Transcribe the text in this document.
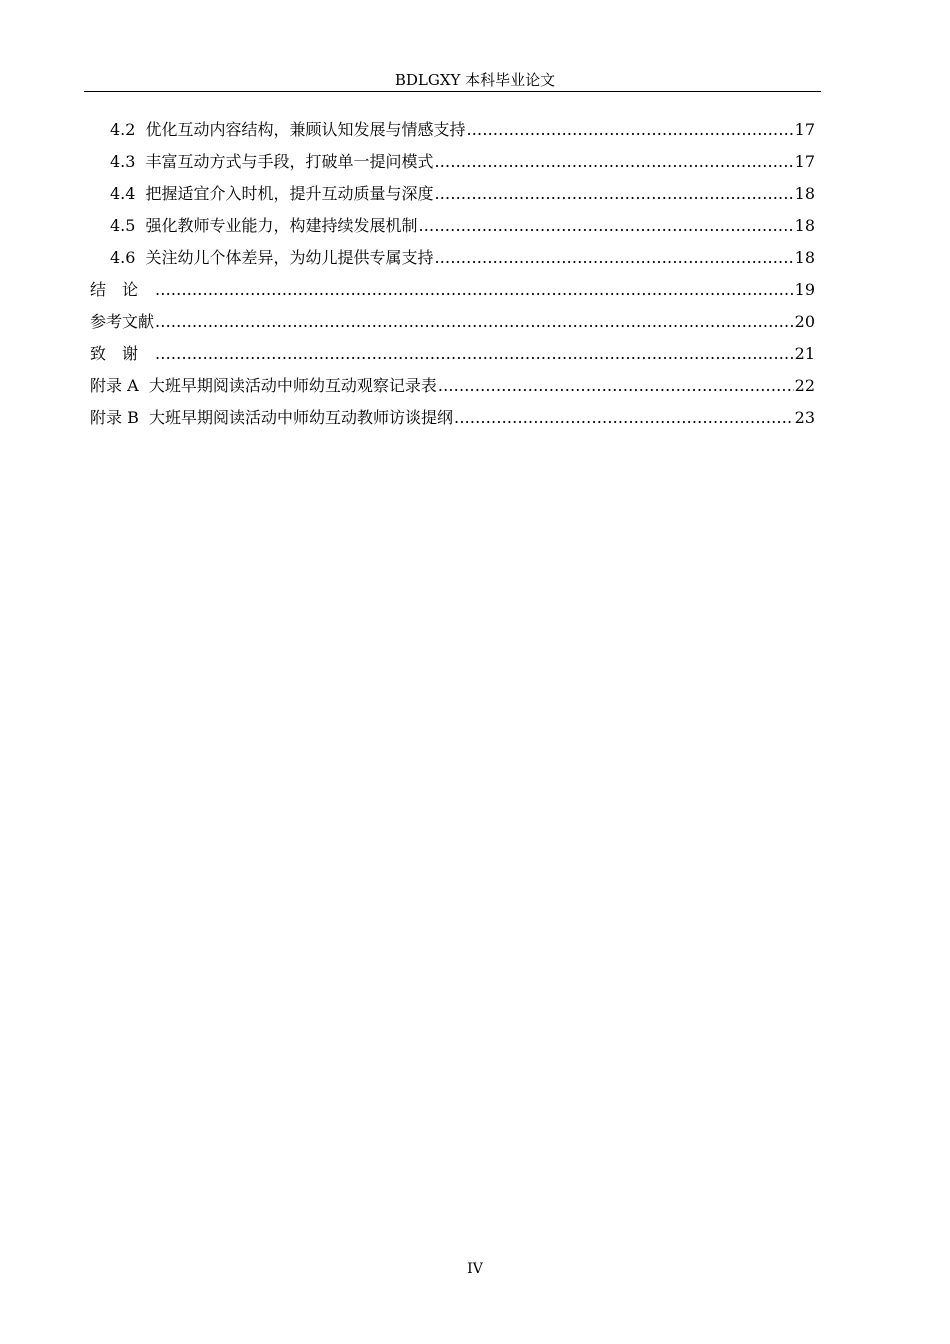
BDLGXY 本科毕业论文
4.2 优化互动内容结构，兼顾认知发展与情感支持 .....	17
4.3 丰富互动方式与手段，打破单一提问模式 .....	17
4.4 把握适宜介入时机，提升互动质量与深度 .....	18
4.5 强化教师专业能力，构建持续发展机制 .....	18
4.6 关注幼儿个体差异，为幼儿提供专属支持 .....	18
结论 .....	19
参考文献 .....	20
致谢 .....	21
附录 A  大班早期阅读活动中师幼互动观察记录表 .....	22
附录 B  大班早期阅读活动中师幼互动教师访谈提纲 .....	23
IV
